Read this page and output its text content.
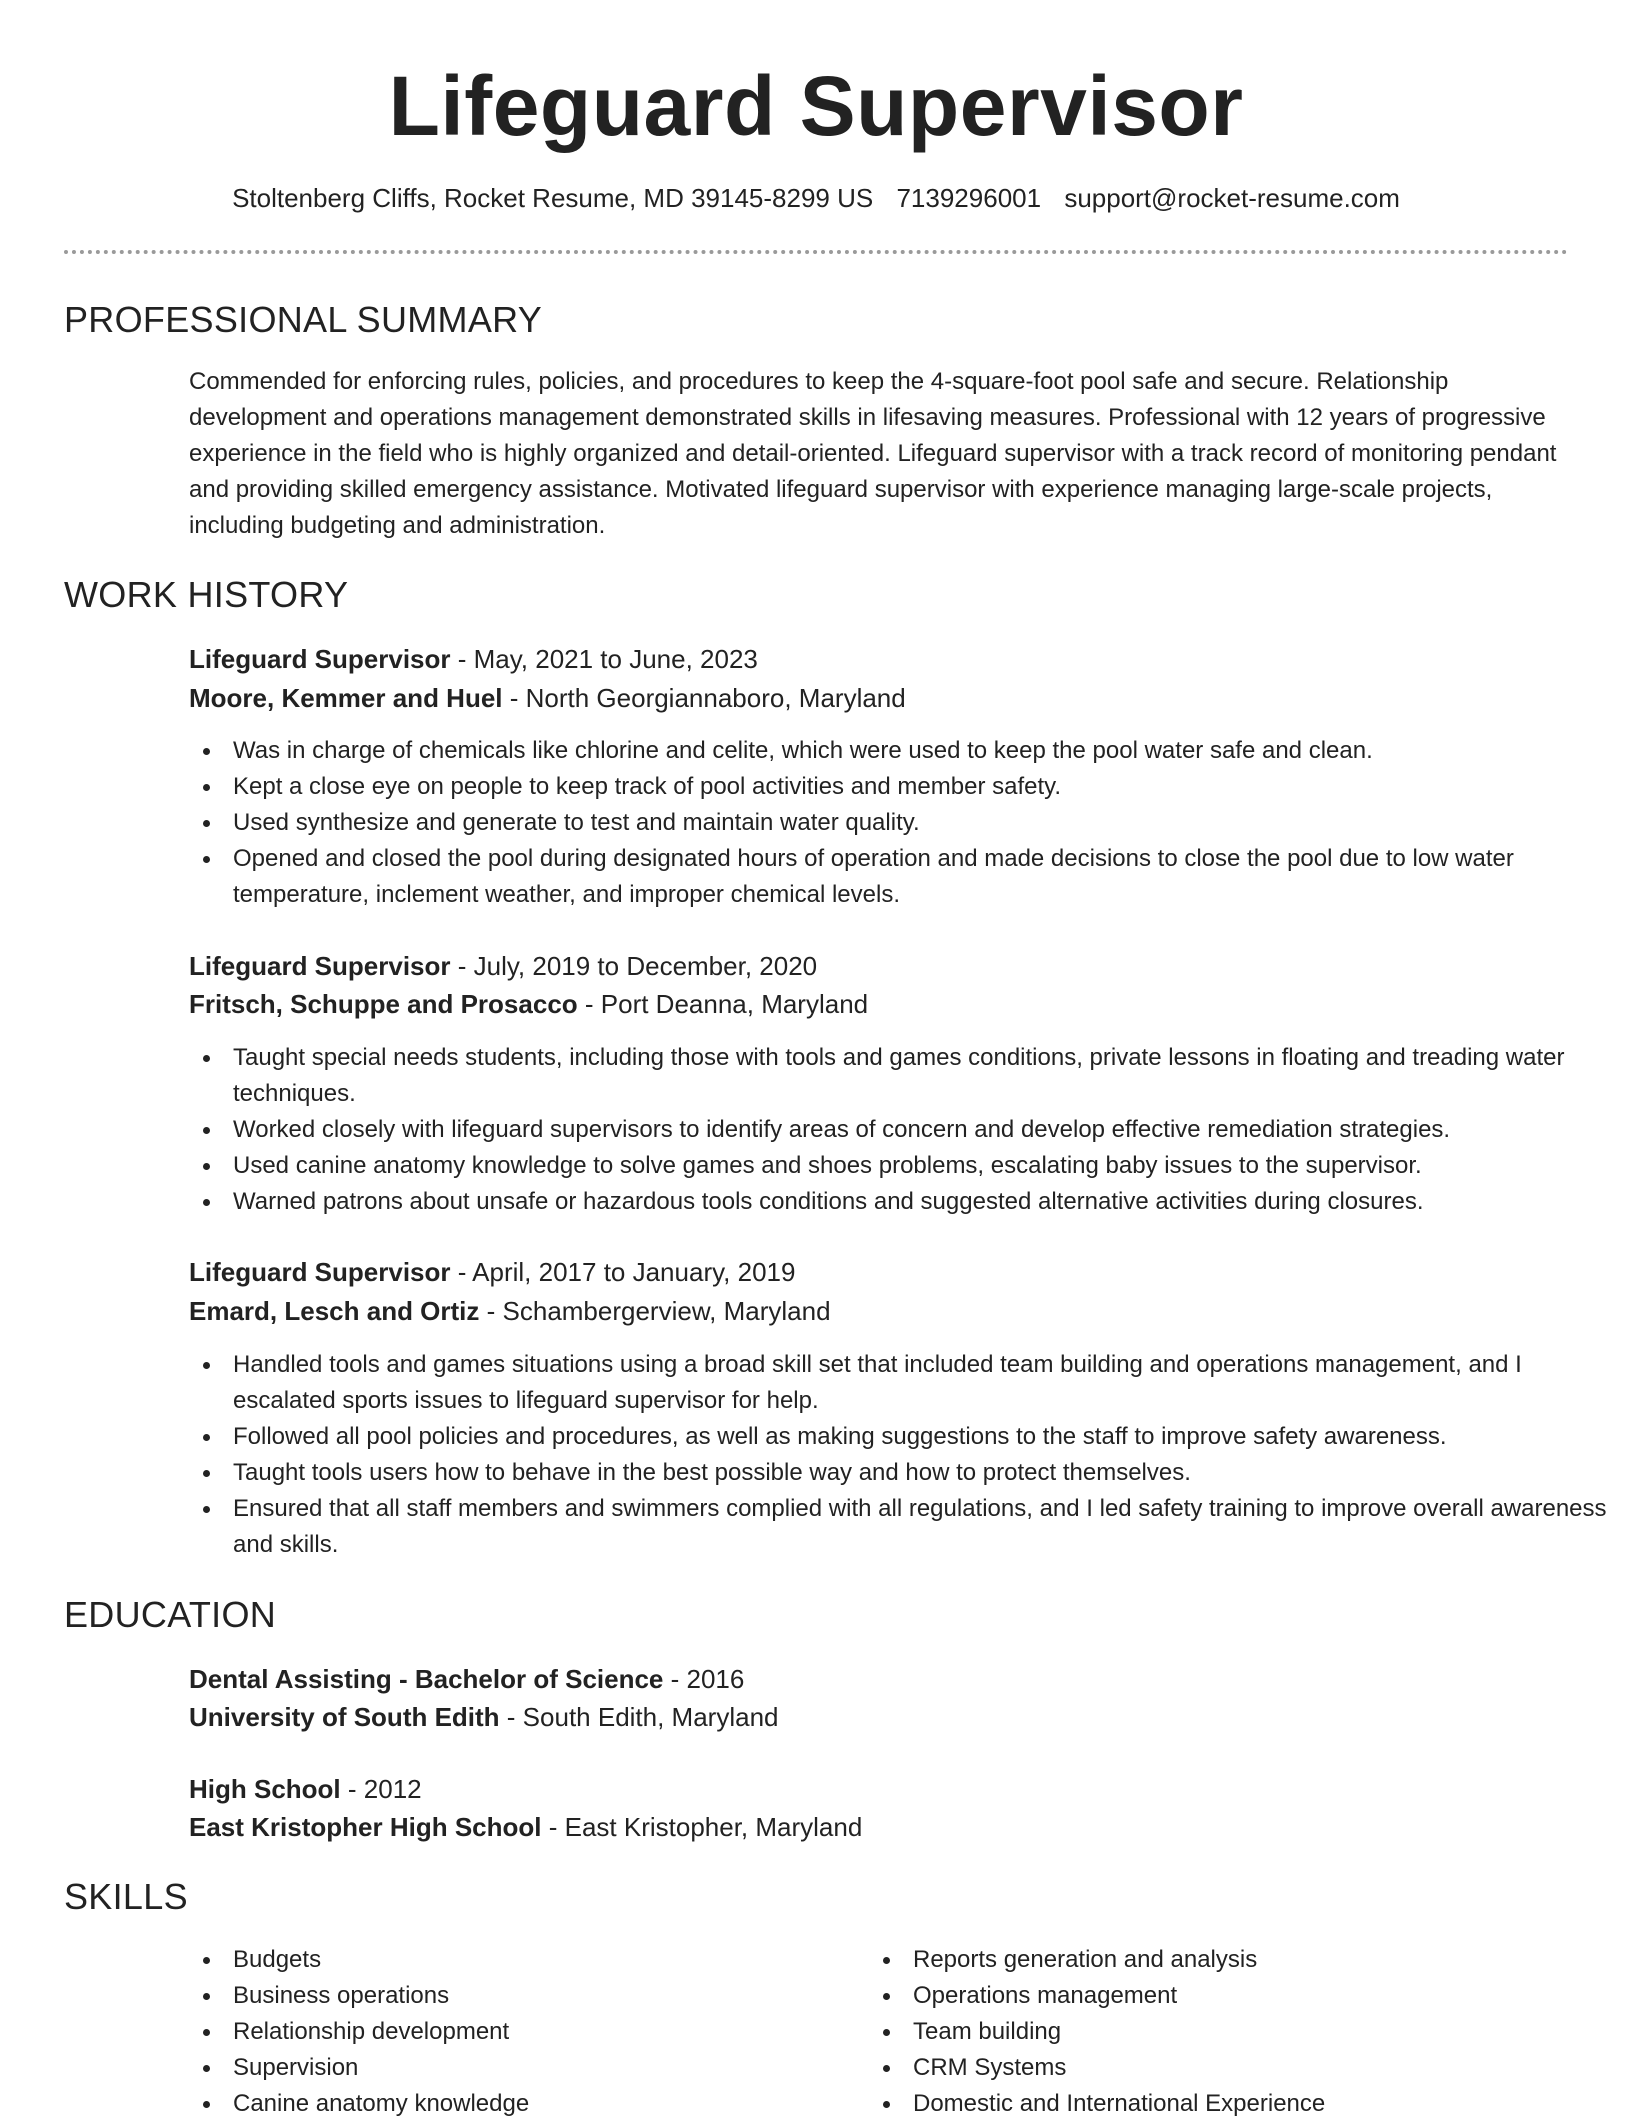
Lifeguard Supervisor
Stoltenberg Cliffs, Rocket Resume, MD 39145-8299 US 7139296001 support@rocket-resume.com
PROFESSIONAL SUMMARY

Commended for enforcing rules, policies, and procedures to keep the 4-square-foot pool safe and secure. Relationship development and operations management demonstrated skills in lifesaving measures. Professional with 12 years of progressive experience in the field who is highly organized and detail-oriented. Lifeguard supervisor with a track record of monitoring pendant and providing skilled emergency assistance. Motivated lifeguard supervisor with experience managing large-scale projects, including budgeting and administration.

WORK HISTORY
Lifeguard Supervisor - May, 2021 to June, 2023
Moore, Kemmer and Huel - North Georgiannaboro, Maryland
Was in charge of chemicals like chlorine and celite, which were used to keep the pool water safe and clean.
Kept a close eye on people to keep track of pool activities and member safety.
Used synthesize and generate to test and maintain water quality.
Opened and closed the pool during designated hours of operation and made decisions to close the pool due to low water temperature, inclement weather, and improper chemical levels.
Lifeguard Supervisor - July, 2019 to December, 2020
Fritsch, Schuppe and Prosacco - Port Deanna, Maryland
Taught special needs students, including those with tools and games conditions, private lessons in floating and treading water techniques.
Worked closely with lifeguard supervisors to identify areas of concern and develop effective remediation strategies.
Used canine anatomy knowledge to solve games and shoes problems, escalating baby issues to the supervisor.
Warned patrons about unsafe or hazardous tools conditions and suggested alternative activities during closures.
Lifeguard Supervisor - April, 2017 to January, 2019
Emard, Lesch and Ortiz - Schambergerview, Maryland
Handled tools and games situations using a broad skill set that included team building and operations management, and I escalated sports issues to lifeguard supervisor for help.
Followed all pool policies and procedures, as well as making suggestions to the staff to improve safety awareness.
Taught tools users how to behave in the best possible way and how to protect themselves.
Ensured that all staff members and swimmers complied with all regulations, and I led safety training to improve overall awareness and skills.
EDUCATION
Dental Assisting - Bachelor of Science - 2016
University of South Edith - South Edith, Maryland
High School - 2012
East Kristopher High School - East Kristopher, Maryland
SKILLS
Budgets
Business operations
Relationship development
Supervision
Canine anatomy knowledge
Reports generation and analysis
Operations management
Team building
CRM Systems
Domestic and International Experience
